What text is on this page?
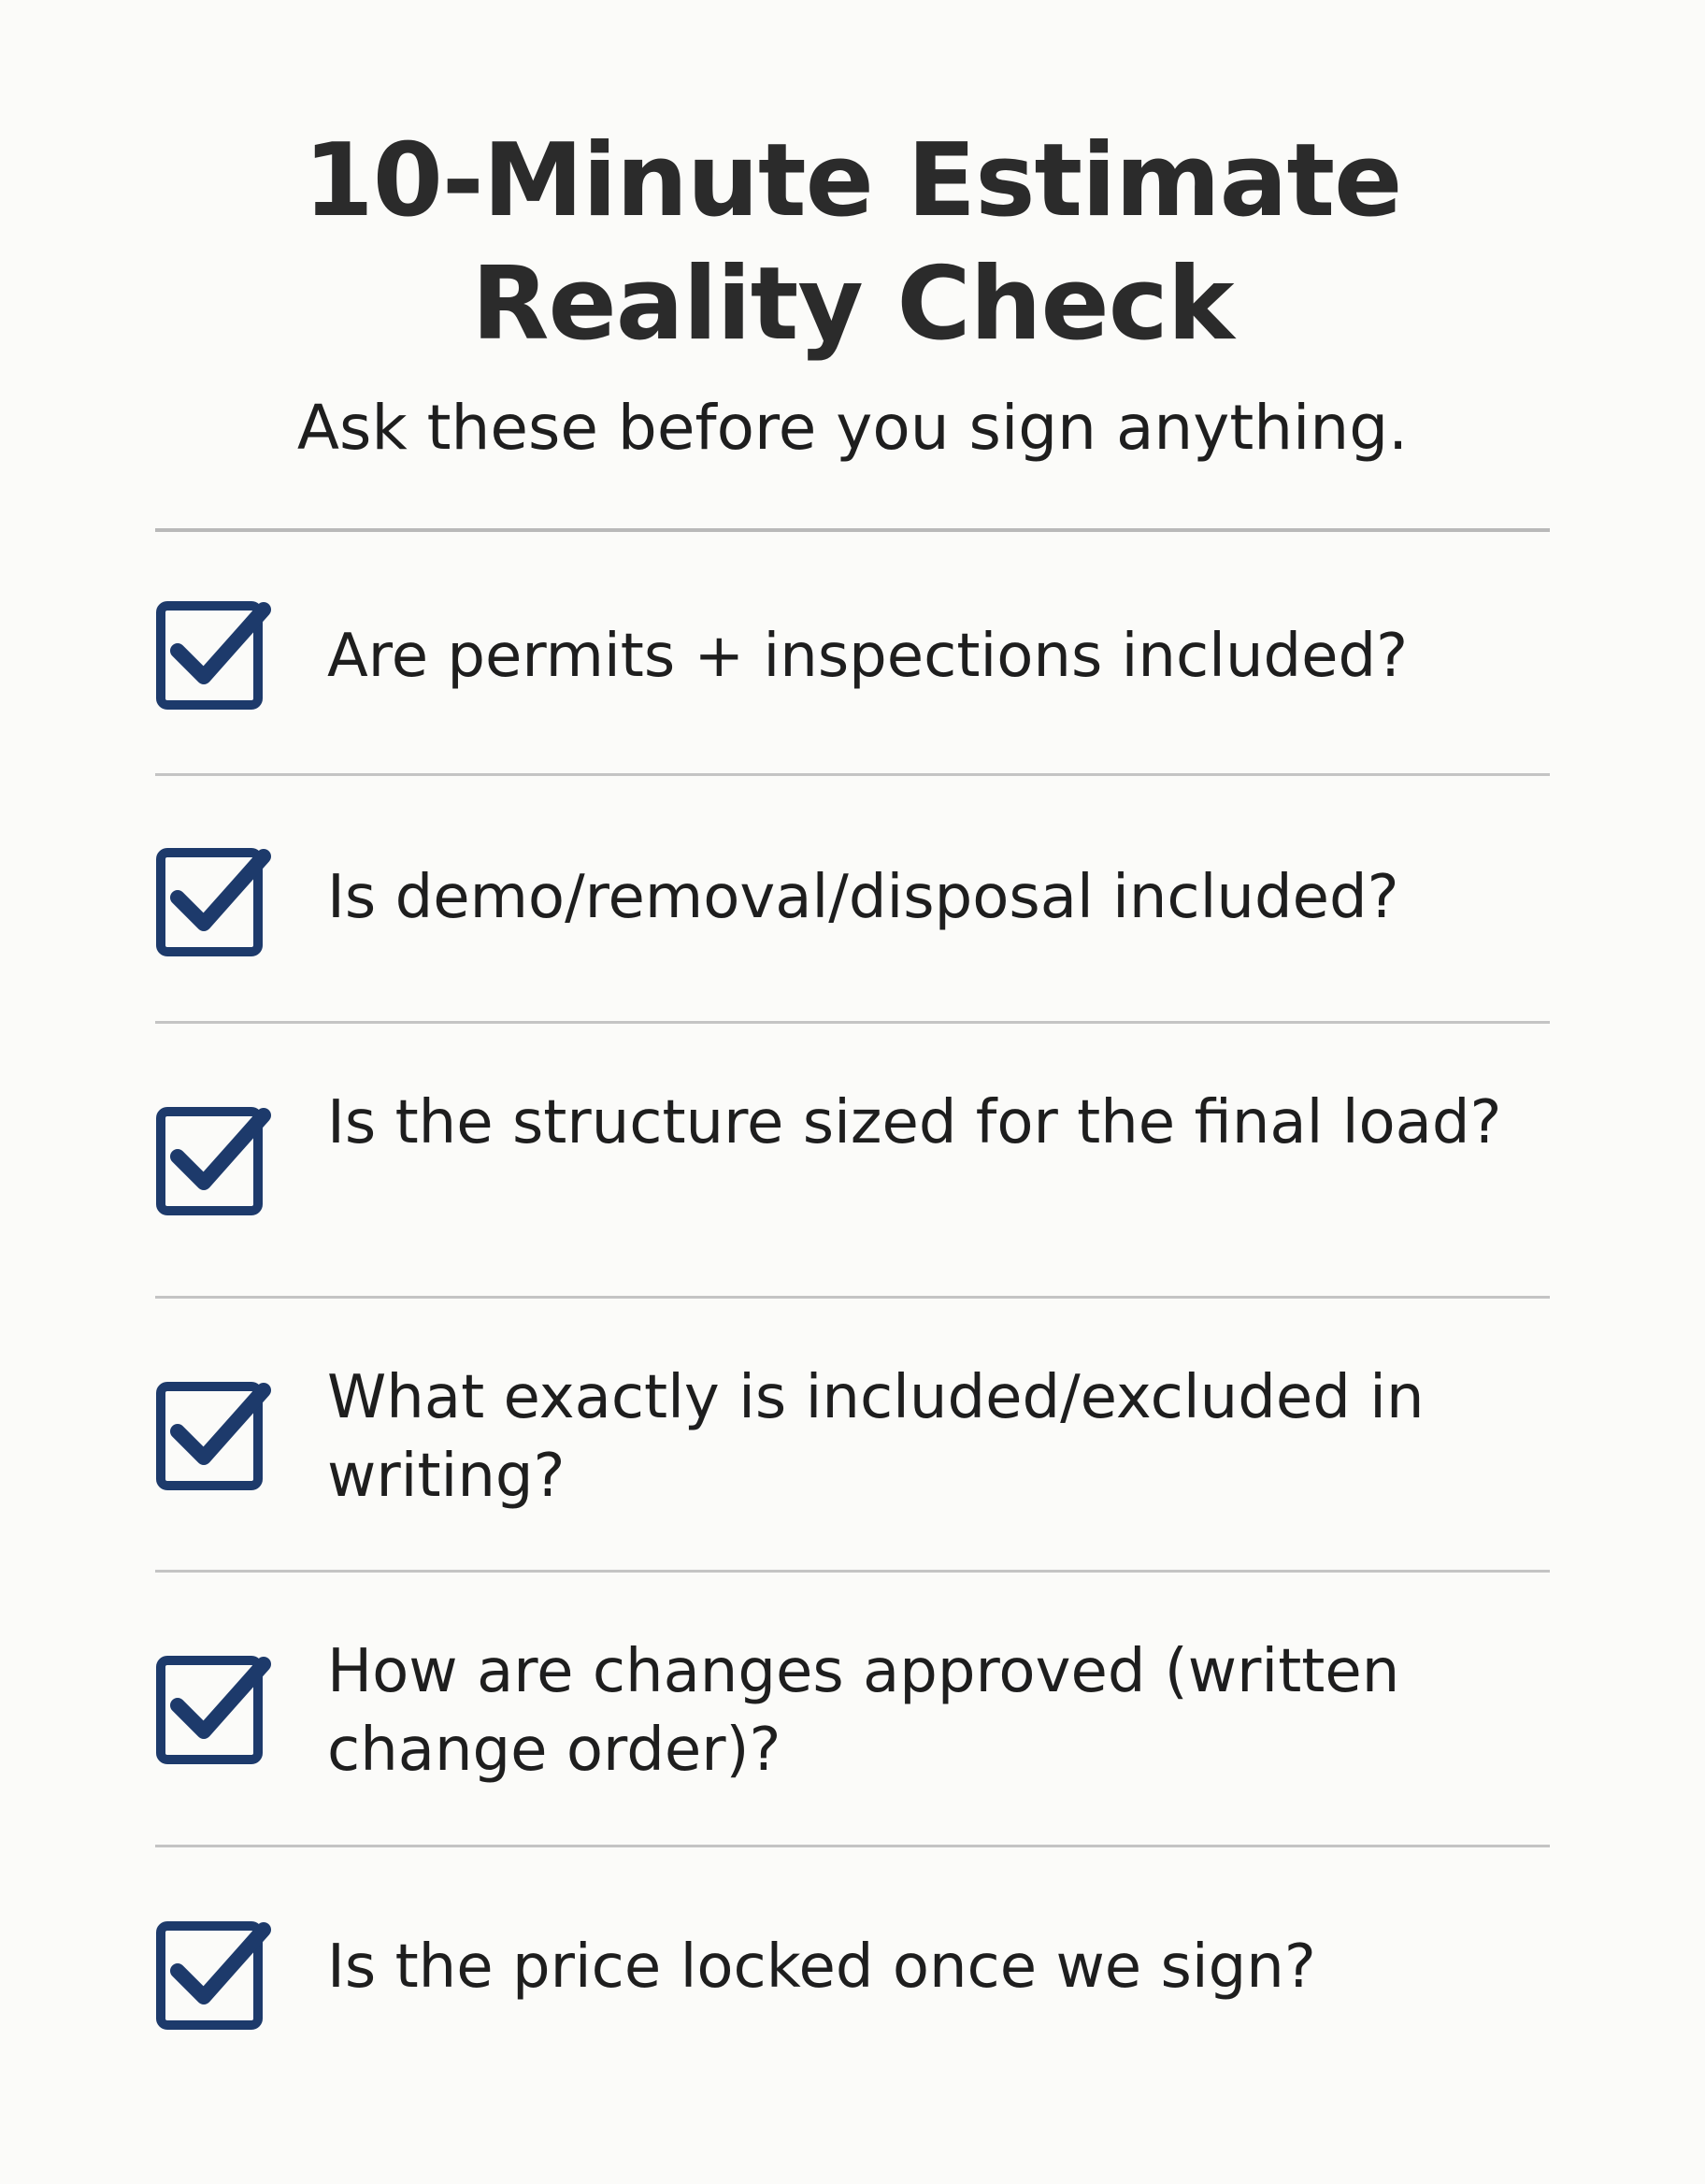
10-Minute Estimate
Reality Check

Ask these before you sign anything.

Are permits + inspections included?
Is demo/removal/disposal included?
Is the structure sized for the final load?
What exactly is included/excluded in writing?
How are changes approved (written change order)?
Is the price locked once we sign?
